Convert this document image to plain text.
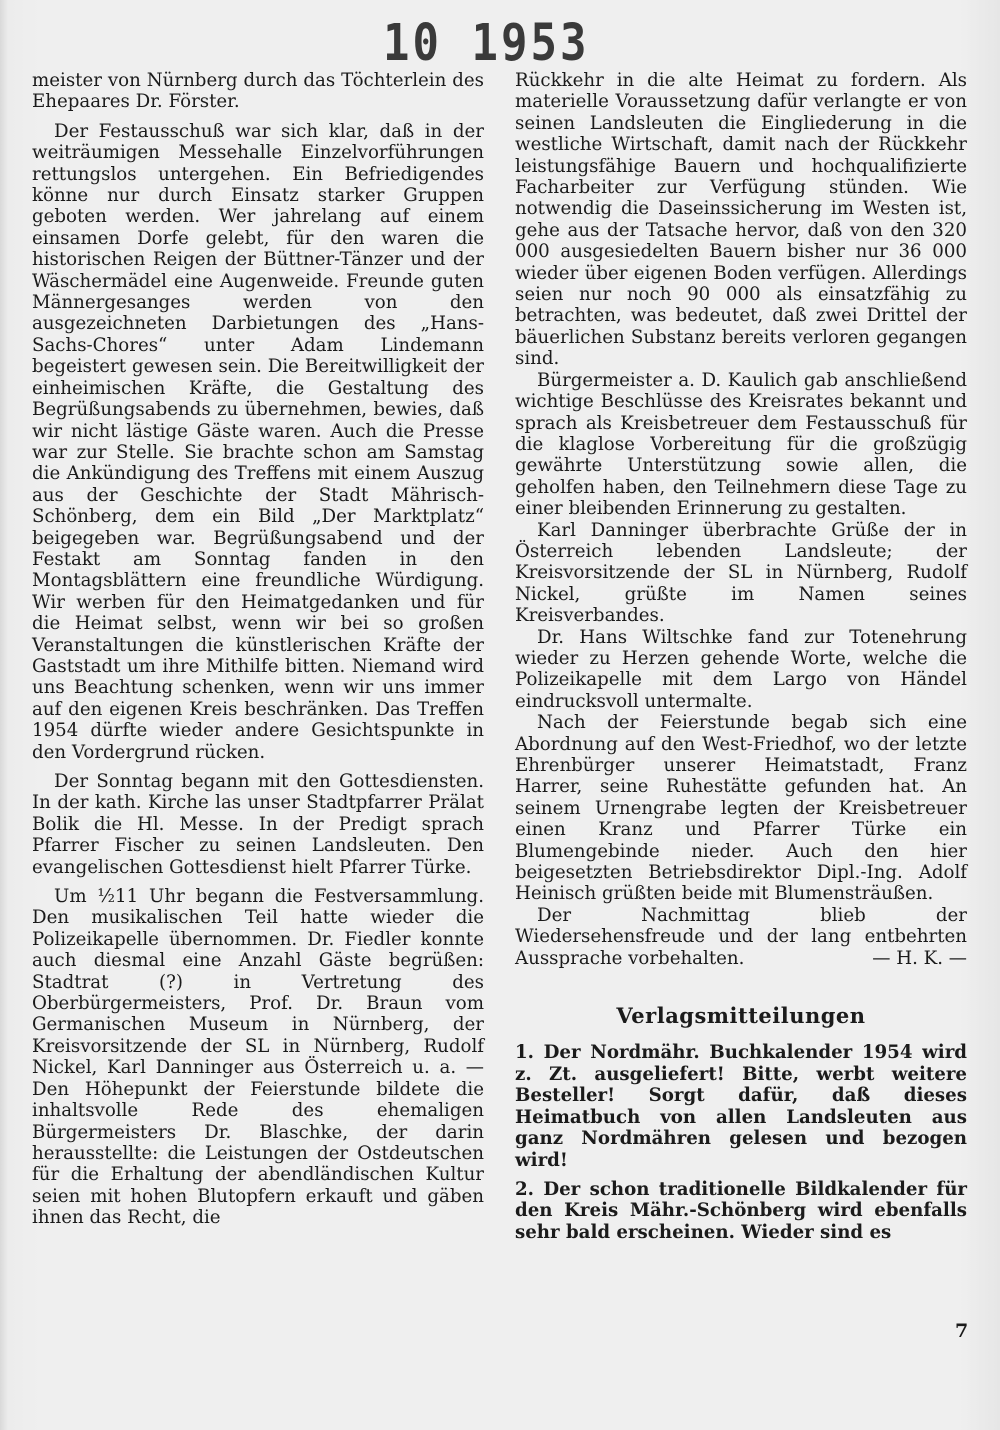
10 1953

meister von Nürnberg durch das Töchterlein des Ehepaares Dr. Förster.

Der Festausschuß war sich klar, daß in der weiträumigen Messehalle Einzelvorführungen rettungslos untergehen. Ein Befriedigendes könne nur durch Einsatz starker Gruppen geboten werden. Wer jahrelang auf einem einsamen Dorfe gelebt, für den waren die historischen Reigen der Büttner-Tänzer und der Wäschermädel eine Augenweide. Freunde guten Männergesanges werden von den ausgezeichneten Darbietungen des „Hans-Sachs-Chores“ unter Adam Lindemann begeistert gewesen sein. Die Bereitwilligkeit der einheimischen Kräfte, die Gestaltung des Begrüßungsabends zu übernehmen, bewies, daß wir nicht lästige Gäste waren. Auch die Presse war zur Stelle. Sie brachte schon am Samstag die Ankündigung des Treffens mit einem Auszug aus der Geschichte der Stadt Mährisch-Schönberg, dem ein Bild „Der Marktplatz“ beigegeben war. Begrüßungsabend und der Festakt am Sonntag fanden in den Montagsblättern eine freundliche Würdigung. Wir werben für den Heimatgedanken und für die Heimat selbst, wenn wir bei so großen Veranstaltungen die künstlerischen Kräfte der Gaststadt um ihre Mithilfe bitten. Niemand wird uns Beachtung schenken, wenn wir uns immer auf den eigenen Kreis beschränken. Das Treffen 1954 dürfte wieder andere Gesichtspunkte in den Vordergrund rücken.

Der Sonntag begann mit den Gottesdiensten. In der kath. Kirche las unser Stadtpfarrer Prälat Bolik die Hl. Messe. In der Predigt sprach Pfarrer Fischer zu seinen Landsleuten. Den evangelischen Gottesdienst hielt Pfarrer Türke.

Um ½11 Uhr begann die Festversammlung. Den musikalischen Teil hatte wieder die Polizeikapelle übernommen. Dr. Fiedler konnte auch diesmal eine Anzahl Gäste begrüßen: Stadtrat (?) in Vertretung des Oberbürgermeisters, Prof. Dr. Braun vom Germanischen Museum in Nürnberg, der Kreisvorsitzende der SL in Nürnberg, Rudolf Nickel, Karl Danninger aus Österreich u. a. — Den Höhepunkt der Feierstunde bildete die inhaltsvolle Rede des ehemaligen Bürgermeisters Dr. Blaschke, der darin herausstellte: die Leistungen der Ostdeutschen für die Erhaltung der abendländischen Kultur seien mit hohen Blutopfern erkauft und gäben ihnen das Recht, die

Rückkehr in die alte Heimat zu fordern. Als materielle Voraussetzung dafür verlangte er von seinen Landsleuten die Eingliederung in die westliche Wirtschaft, damit nach der Rückkehr leistungsfähige Bauern und hochqualifizierte Facharbeiter zur Verfügung stünden. Wie notwendig die Daseinssicherung im Westen ist, gehe aus der Tatsache hervor, daß von den 320 000 ausgesiedelten Bauern bisher nur 36 000 wieder über eigenen Boden verfügen. Allerdings seien nur noch 90 000 als einsatzfähig zu betrachten, was bedeutet, daß zwei Drittel der bäuerlichen Substanz bereits verloren gegangen sind.

Bürgermeister a. D. Kaulich gab anschließend wichtige Beschlüsse des Kreisrates bekannt und sprach als Kreisbetreuer dem Festausschuß für die klaglose Vorbereitung für die großzügig gewährte Unterstützung sowie allen, die geholfen haben, den Teilnehmern diese Tage zu einer bleibenden Erinnerung zu gestalten.

Karl Danninger überbrachte Grüße der in Österreich lebenden Landsleute; der Kreisvorsitzende der SL in Nürnberg, Rudolf Nickel, grüßte im Namen seines Kreisverbandes.

Dr. Hans Wiltschke fand zur Totenehrung wieder zu Herzen gehende Worte, welche die Polizeikapelle mit dem Largo von Händel eindrucksvoll untermalte.

Nach der Feierstunde begab sich eine Abordnung auf den West-Friedhof, wo der letzte Ehrenbürger unserer Heimatstadt, Franz Harrer, seine Ruhestätte gefunden hat. An seinem Urnengrabe legten der Kreisbetreuer einen Kranz und Pfarrer Türke ein Blumengebinde nieder. Auch den hier beigesetzten Betriebsdirektor Dipl.-Ing. Adolf Heinisch grüßten beide mit Blumensträußen.

Der Nachmittag blieb der Wiedersehensfreude und der lang entbehrten Aussprache vorbehalten.	— H. K. —

Verlagsmitteilungen

1. Der Nordmähr. Buchkalender 1954 wird z. Zt. ausgeliefert! Bitte, werbt weitere Besteller! Sorgt dafür, daß dieses Heimatbuch von allen Landsleuten aus ganz Nordmähren gelesen und bezogen wird!

2. Der schon traditionelle Bildkalender für den Kreis Mähr.-Schönberg wird ebenfalls sehr bald erscheinen. Wieder sind es

7
